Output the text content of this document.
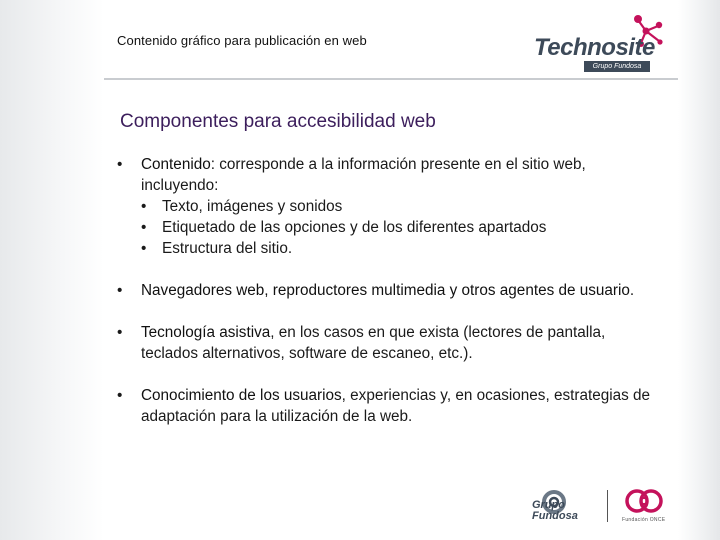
Contenido gráfico para publicación en web	Technosite
Grupo Fundosa
Componentes para accesibilidad web
• Contenido: corresponde a la información presente en el sitio web, incluyendo:
• Texto, imágenes y sonidos
• Etiquetado de las opciones y de los diferentes apartados
• Estructura del sitio.
• Navegadores web, reproductores multimedia y otros agentes de usuario.
• Tecnología asistiva, en los casos en que exista (lectores de pantalla, teclados alternativos, software de escaneo, etc.).
• Conocimiento de los usuarios, experiencias y, en ocasiones, estrategias de adaptación para la utilización de la web.
Grupo
Fundosa	Fundación ONCE
